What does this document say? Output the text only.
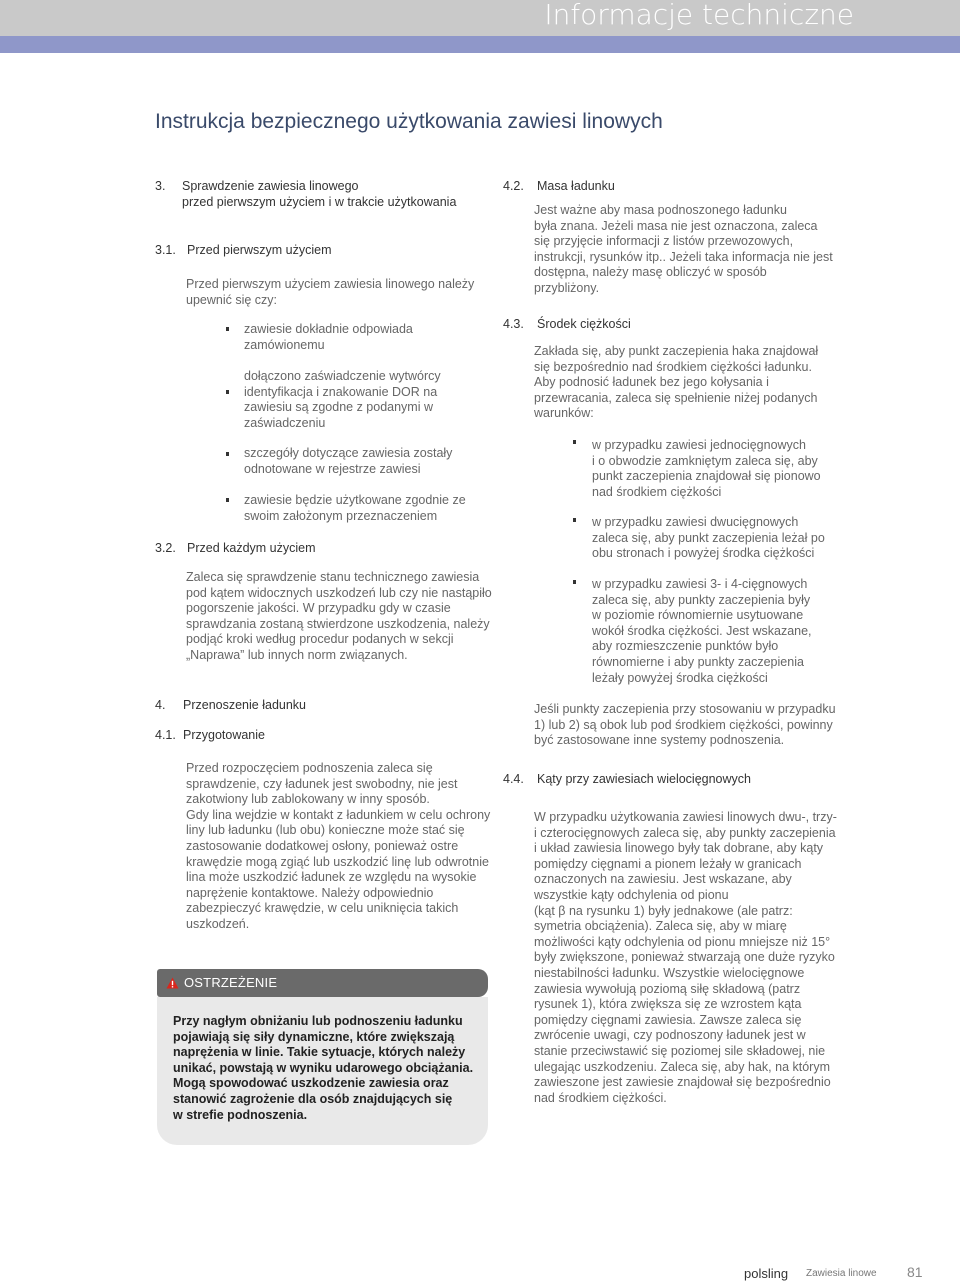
Informacje techniczne
Instrukcja bezpiecznego użytkowania zawiesi linowych
3. Sprawdzenie zawiesia linowego
przed pierwszym użyciem i w trakcie użytkowania
3.1. Przed pierwszym użyciem
Przed pierwszym użyciem zawiesia linowego należy
upewnić się czy:
zawiesie dokładnie odpowiada
zamówionemu
dołączono zaświadczenie wytwórcy
identyfikacja i znakowanie DOR na
zawiesiu są zgodne z podanymi w
zaświadczeniu
szczegóły dotyczące zawiesia zostały
odnotowane w rejestrze zawiesi
zawiesie będzie użytkowane zgodnie ze
swoim założonym przeznaczeniem
3.2. Przed każdym użyciem
Zaleca się sprawdzenie stanu technicznego zawiesia
pod kątem widocznych uszkodzeń lub czy nie nastąpiło
pogorszenie jakości. W przypadku gdy w czasie
sprawdzania zostaną stwierdzone uszkodzenia, należy
podjąć kroki według procedur podanych w sekcji
„Naprawa” lub innych norm związanych.
4. Przenoszenie ładunku
4.1. Przygotowanie
Przed rozpoczęciem podnoszenia zaleca się
sprawdzenie, czy ładunek jest swobodny, nie jest
zakotwiony lub zablokowany w inny sposób.
Gdy lina wejdzie w kontakt z ładunkiem w celu ochrony
liny lub ładunku (lub obu) konieczne może stać się
zastosowanie dodatkowej osłony, ponieważ ostre
krawędzie mogą zgiąć lub uszkodzić linę lub odwrotnie
lina może uszkodzić ładunek ze względu na wysokie
naprężenie kontaktowe. Należy odpowiednio
zabezpieczyć krawędzie, w celu uniknięcia takich
uszkodzeń.
OSTRZEŻENIE
Przy nagłym obniżaniu lub podnoszeniu ładunku
pojawiają się siły dynamiczne, które zwiększają
naprężenia w linie. Takie sytuacje, których należy
unikać, powstają w wyniku udarowego obciążania.
Mogą spowodować uszkodzenie zawiesia oraz
stanowić zagrożenie dla osób znajdujących się
w strefie podnoszenia.
4.2. Masa ładunku
Jest ważne aby masa podnoszonego ładunku
była znana. Jeżeli masa nie jest oznaczona, zaleca
się przyjęcie informacji z listów przewozowych,
instrukcji, rysunków itp.. Jeżeli taka informacja nie jest
dostępna, należy masę obliczyć w sposób
przybliżony.
4.3. Środek ciężkości
Zakłada się, aby punkt zaczepienia haka znajdował
się bezpośrednio nad środkiem ciężkości ładunku.
Aby podnosić ładunek bez jego kołysania i
przewracania, zaleca się spełnienie niżej podanych
warunków:
w przypadku zawiesi jednocięgnowych
i o obwodzie zamkniętym zaleca się, aby
punkt zaczepienia znajdował się pionowo
nad środkiem ciężkości
w przypadku zawiesi dwucięgnowych
zaleca się, aby punkt zaczepienia leżał po
obu stronach i powyżej środka ciężkości
w przypadku zawiesi 3- i 4-cięgnowych
zaleca się, aby punkty zaczepienia były
w poziomie równomiernie usytuowane
wokół środka ciężkości. Jest wskazane,
aby rozmieszczenie punktów było
równomierne i aby punkty zaczepienia
leżały powyżej środka ciężkości
Jeśli punkty zaczepienia przy stosowaniu w przypadku
1) lub 2) są obok lub pod środkiem ciężkości, powinny
być zastosowane inne systemy podnoszenia.
4.4. Kąty przy zawiesiach wielocięgnowych
W przypadku użytkowania zawiesi linowych dwu-, trzy-
i czterocięgnowych zaleca się, aby punkty zaczepienia
i układ zawiesia linowego były tak dobrane, aby kąty
pomiędzy cięgnami a pionem leżały w granicach
oznaczonych na zawiesiu. Jest wskazane, aby
wszystkie kąty odchylenia od pionu
(kąt β na rysunku 1) były jednakowe (ale patrz:
symetria obciążenia). Zaleca się, aby w miarę
możliwości kąty odchylenia od pionu mniejsze niż 15°
były zwiększone, ponieważ stwarzają one duże ryzyko
niestabilności ładunku. Wszystkie wielocięgnowe
zawiesia wywołują poziomą siłę składową (patrz
rysunek 1), która zwiększa się ze wzrostem kąta
pomiędzy cięgnami zawiesia. Zawsze zaleca się
zwrócenie uwagi, czy podnoszony ładunek jest w
stanie przeciwstawić się poziomej sile składowej, nie
ulegając uszkodzeniu. Zaleca się, aby hak, na którym
zawieszone jest zawiesie znajdował się bezpośrednio
nad środkiem ciężkości.
polsling Zawiesia linowe 81
